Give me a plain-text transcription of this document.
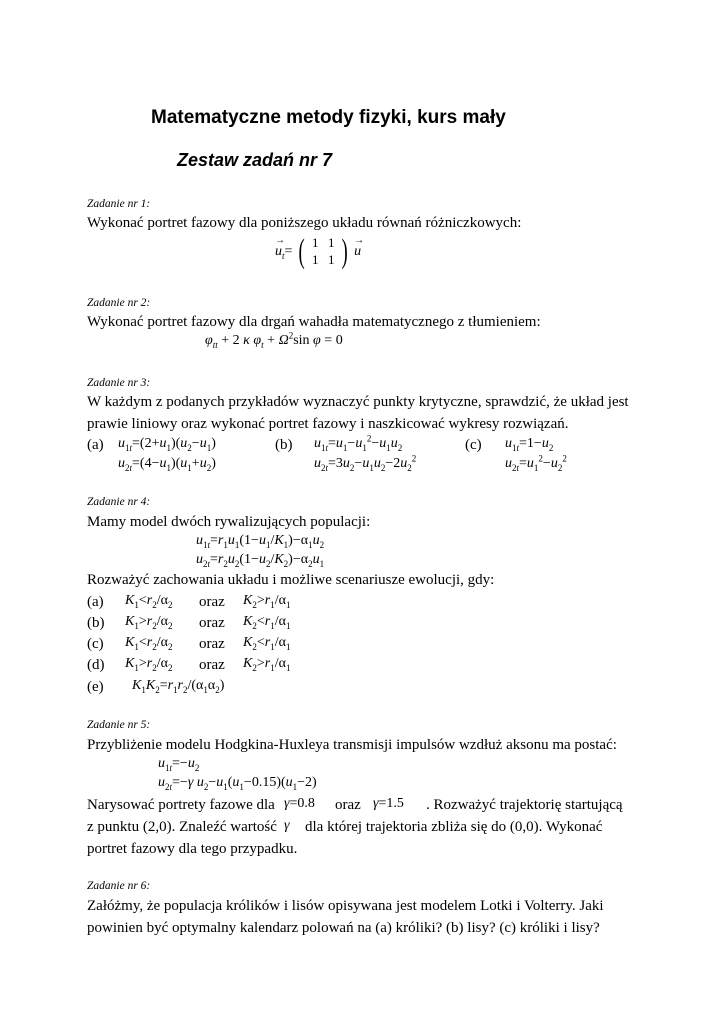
Matematyczne metody fizyki, kurs mały
Zestaw zadań nr 7
Zadanie nr 1:
Wykonać portret fazowy dla poniższego układu równań różniczkowych:
→
$u_t=$ ( 1 1
1 1 )
→
u
Zadanie nr 2:
Wykonać portret fazowy dla drgań wahadła matematycznego z tłumieniem:
$\varphi_{tt} + 2$ κ $\varphi_t + \Omega^2\sin$ φ = 0
Zadanie nr 3:
W każdym z podanych przykładów wyznaczyć punkty krytyczne, sprawdzić, że układ jest
prawie liniowy oraz wykonać portret fazowy i naszkicować wykresy rozwiązań.
(a) $u_{1t}=(2+u_1)(u_2-u_1)$
$u_{2t}=(4-u_1)(u_1+u_2)$
(b) $u_{1t}=u_1-u_1^2-u_1u_2$
$u_{2t}=3u_2-u_1u_2-2u_2^2$
(c) $u_{1t}=1-u_2$
$u_{2t}=u_1^2-u_2^2$
Zadanie nr 4:
Mamy model dwóch rywalizujących populacji:
$u_{1t}=r_1u_1(1-u_1/K_1)-\alpha_1u_2$
$u_{2t}=r_2u_2(1-u_2/K_2)-\alpha_2u_1$
Rozważyć zachowania układu i możliwe scenariusze ewolucji, gdy:
(a) $K_1<r_2/\alpha_2$ oraz $K_2>r_1/\alpha_1$
(b) $K_1>r_2/\alpha_2$ oraz $K_2<r_1/\alpha_1$
(c) $K_1<r_2/\alpha_2$ oraz $K_2<r_1/\alpha_1$
(d) $K_1>r_2/\alpha_2$ oraz $K_2>r_1/\alpha_1$
(e) $K_1K_2=r_1r_2/(\alpha_1\alpha_2)$
Zadanie nr 5:
Przybliżenie modelu Hodgkina-Huxleya transmisji impulsów wzdłuż aksonu ma postać:
$u_{1t}=-u_2$
$u_{2t}=-\gamma$ $u_2-u_1(u_1-0.15)(u_1-2)$
Narysować portrety fazowe dla γ=0.8 oraz γ=1.5 . Rozważyć trajektorię startującą
z punktu (2,0). Znaleźć wartość γ dla której trajektoria zbliża się do (0,0). Wykonać
portret fazowy dla tego przypadku.
Zadanie nr 6:
Załóżmy, że populacja królików i lisów opisywana jest modelem Lotki i Volterry. Jaki
powinien być optymalny kalendarz polowań na (a) króliki? (b) lisy? (c) króliki i lisy?
